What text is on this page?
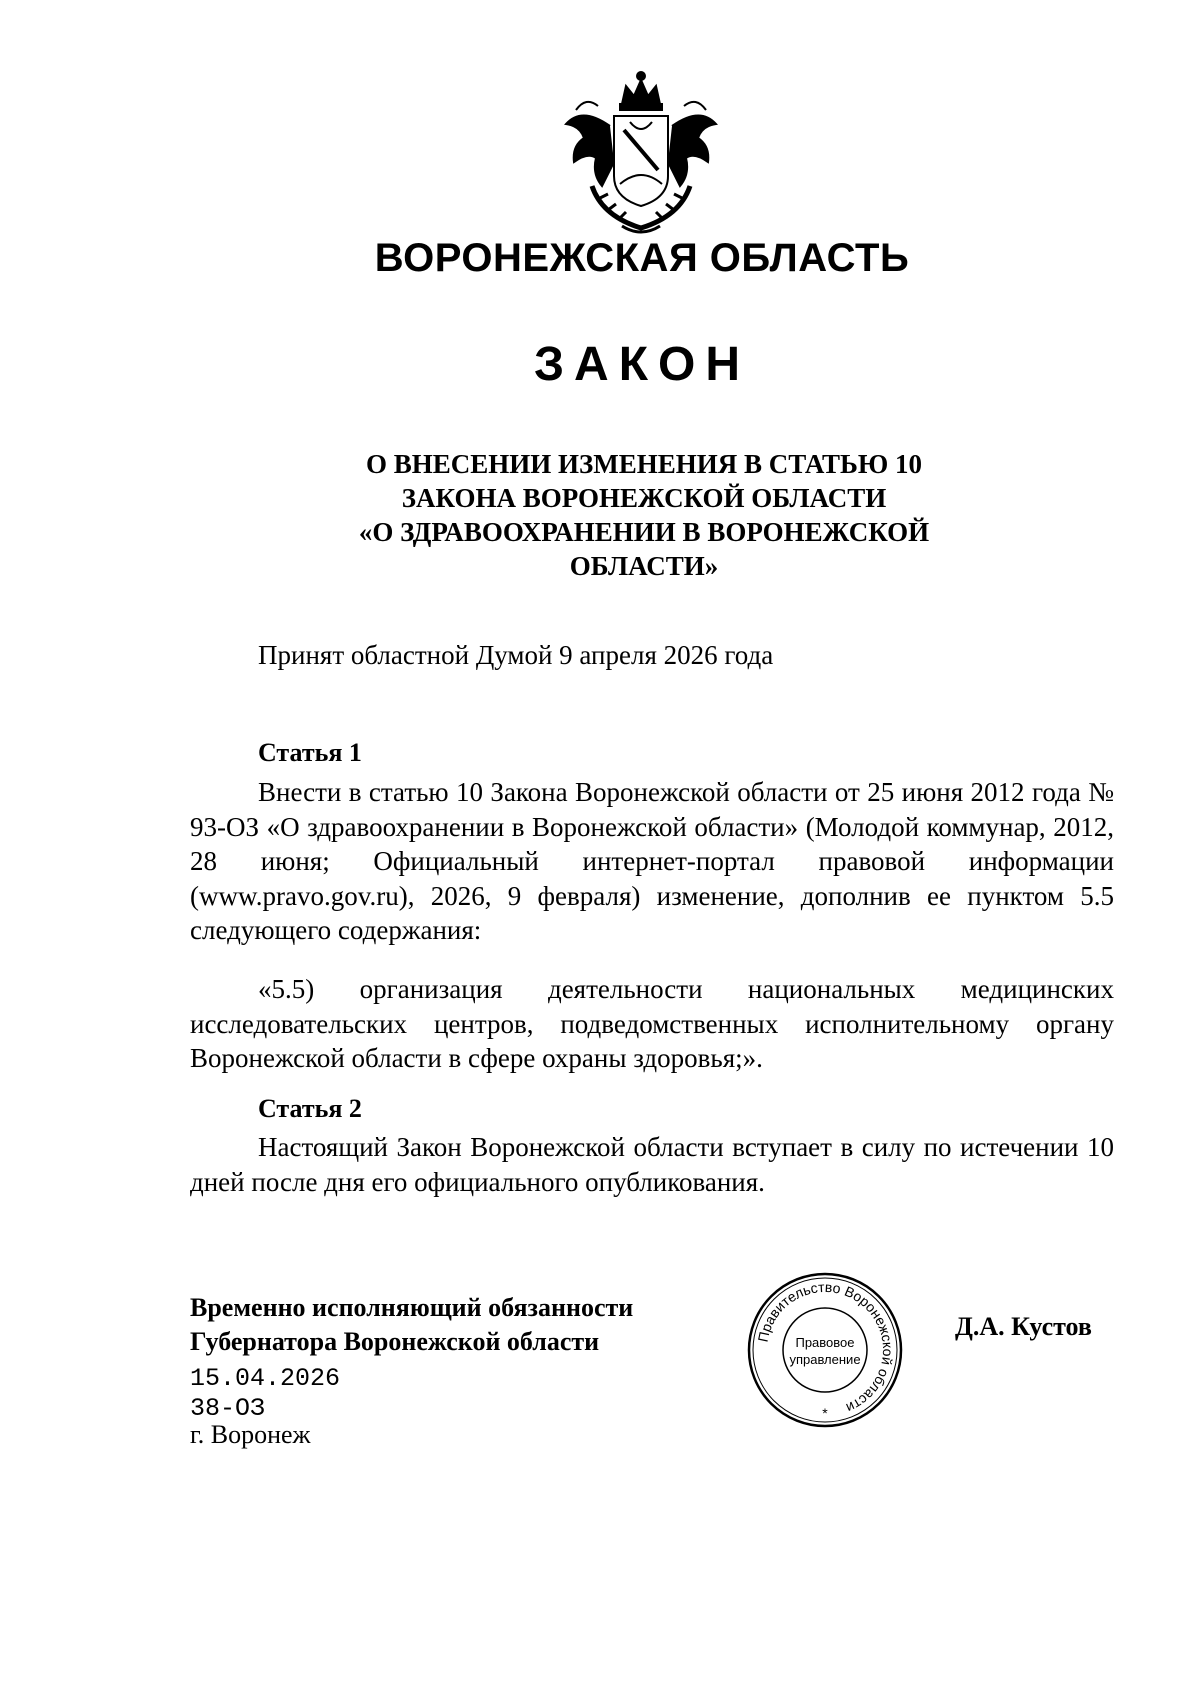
ВОРОНЕЖСКАЯ ОБЛАСТЬ
ЗАКОН
О ВНЕСЕНИИ ИЗМЕНЕНИЯ В СТАТЬЮ 10
ЗАКОНА ВОРОНЕЖСКОЙ ОБЛАСТИ
«О ЗДРАВООХРАНЕНИИ В ВОРОНЕЖСКОЙ
ОБЛАСТИ»
Принят областной Думой 9 апреля 2026 года
Статья 1
Внести в статью 10 Закона Воронежской области от 25 июня 2012 года № 93-ОЗ «О здравоохранении в Воронежской области» (Молодой коммунар, 2012, 28 июня; Официальный интернет-портал правовой информации (www.pravo.gov.ru), 2026, 9 февраля) изменение, дополнив ее пунктом 5.5 следующего содержания:
«5.5) организация деятельности национальных медицинских исследовательских центров, подведомственных исполнительному органу Воронежской области в сфере охраны здоровья;».
Статья 2
Настоящий Закон Воронежской области вступает в силу по истечении 10 дней после дня его официального опубликования.
Временно исполняющий обязанности
Губернатора Воронежской области
15.04.2026
38-ОЗ
г. Воронеж
Правительство Воронежской области
Правовое
управление
*
Д.А. Кустов
